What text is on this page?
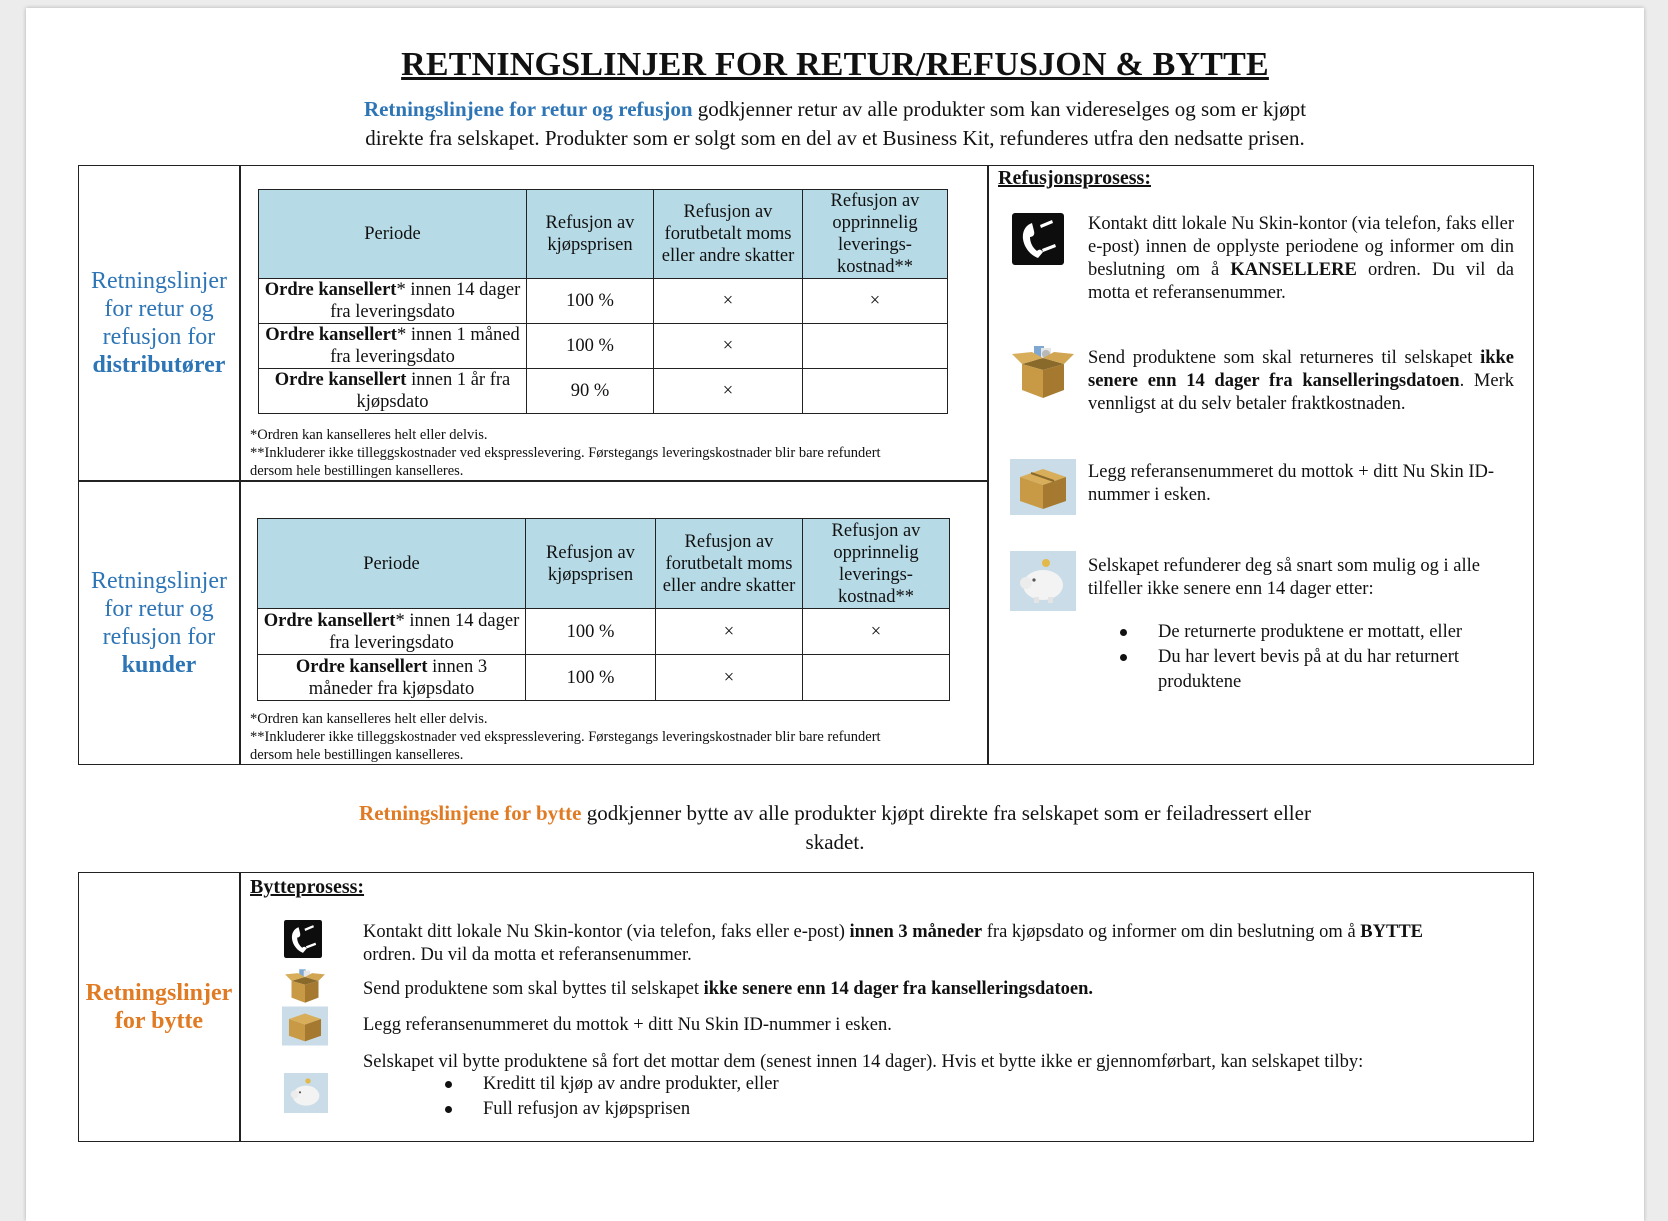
RETNINGSLINJER FOR RETUR/REFUSJON & BYTTE
Retningslinjene for retur og refusjon godkjenner retur av alle produkter som kan videreselges og som er kjøpt
direkte fra selskapet. Produkter som er solgt som en del av et Business Kit, refunderes utfra den nedsatte prisen.
Retningslinjer
for retur og
refusjon for
distributører
Periode	Refusjon av kjøpsprisen	Refusjon av forutbetalt moms eller andre skatter	Refusjon av opprinnelig leverings-kostnad**
Ordre kansellert* innen 14 dager fra leveringsdato	100 %	×	×
Ordre kansellert* innen 1 måned fra leveringsdato	100 %	×	
Ordre kansellert innen 1 år fra kjøpsdato	90 %	×	
*Ordren kan kanselleres helt eller delvis.
**Inkluderer ikke tilleggskostnader ved ekspresslevering. Førstegangs leveringskostnader blir bare refundert
dersom hele bestillingen kanselleres.
Retningslinjer
for retur og
refusjon for
kunder
Periode	Refusjon av kjøpsprisen	Refusjon av forutbetalt moms eller andre skatter	Refusjon av opprinnelig leverings-kostnad**
Ordre kansellert* innen 14 dager fra leveringsdato	100 %	×	×
Ordre kansellert innen 3 måneder fra kjøpsdato	100 %	×	
*Ordren kan kanselleres helt eller delvis.
**Inkluderer ikke tilleggskostnader ved ekspresslevering. Førstegangs leveringskostnader blir bare refundert
dersom hele bestillingen kanselleres.
Refusjonsprosess:
Kontakt ditt lokale Nu Skin-kontor (via telefon, faks eller e-post) innen de opplyste periodene og informer om din beslutning om å KANSELLERE ordren. Du vil da motta et referansenummer.
Send produktene som skal returneres til selskapet ikke senere enn 14 dager fra kanselleringsdatoen. Merk vennligst at du selv betaler fraktkostnaden.
Legg referansenummeret du mottok + ditt Nu Skin ID-nummer i esken.
Selskapet refunderer deg så snart som mulig og i alle tilfeller ikke senere enn 14 dager etter:
De returnerte produktene er mottatt, eller
Du har levert bevis på at du har returnert produktene
Retningslinjene for bytte godkjenner bytte av alle produkter kjøpt direkte fra selskapet som er feiladressert eller
skadet.
Retningslinjer
for bytte
Bytteprosess:
Kontakt ditt lokale Nu Skin-kontor (via telefon, faks eller e-post) innen 3 måneder fra kjøpsdato og informer om din beslutning om å BYTTE
ordren. Du vil da motta et referansenummer.
Send produktene som skal byttes til selskapet ikke senere enn 14 dager fra kanselleringsdatoen.
Legg referansenummeret du mottok + ditt Nu Skin ID-nummer i esken.
Selskapet vil bytte produktene så fort det mottar dem (senest innen 14 dager). Hvis et bytte ikke er gjennomførbart, kan selskapet tilby:
Kreditt til kjøp av andre produkter, eller
Full refusjon av kjøpsprisen
